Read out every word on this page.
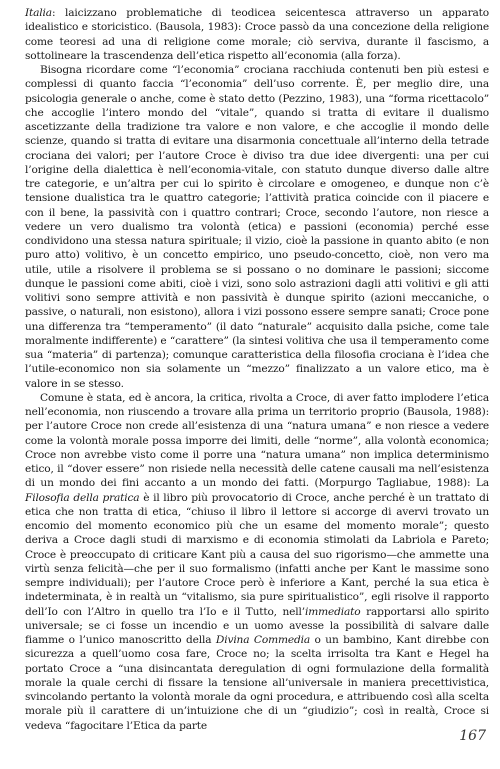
Italia: laicizzano problematiche di teodicea seicentesca attraverso un apparato idealistico e storicistico. (Bausola, 1983): Croce passò da una concezione della religione come teoresi ad una di religione come morale; ciò serviva, durante il fascismo, a sottolineare la trascendenza dell’etica rispetto all’economia (alla forza).

Bisogna ricordare come “l’economia” crociana racchiuda contenuti ben più estesi e complessi di quanto faccia “l’economia” dell’uso corrente. È, per meglio dire, una psicologia generale o anche, come è stato detto (Pezzino, 1983), una “forma ricettacolo” che accoglie l’intero mondo del “vitale”, quando si tratta di evitare il dualismo ascetizzante della tradizione tra valore e non valore, e che accoglie il mondo delle scienze, quando si tratta di evitare una disarmonia concettuale all’interno della tetrade crociana dei valori; per l’autore Croce è diviso tra due idee divergenti: una per cui l’origine della dialettica è nell’economia-vitale, con statuto dunque diverso dalle altre tre categorie, e un’altra per cui lo spirito è circolare e omogeneo, e dunque non c’è tensione dualistica tra le quattro categorie; l’attività pratica coincide con il piacere e con il bene, la passività con i quattro contrari; Croce, secondo l’autore, non riesce a vedere un vero dualismo tra volontà (etica) e passioni (economia) perché esse condividono una stessa natura spirituale; il vizio, cioè la passione in quanto abito (e non puro atto) volitivo, è un concetto empirico, uno pseudo-concetto, cioè, non vero ma utile, utile a risolvere il problema se si possano o no dominare le passioni; siccome dunque le passioni come abiti, cioè i vizi, sono solo astrazioni dagli atti volitivi e gli atti volitivi sono sempre attività e non passività è dunque spirito (azioni meccaniche, o passive, o naturali, non esistono), allora i vizi possono essere sempre sanati; Croce pone una differenza tra “temperamento” (il dato “naturale” acquisito dalla psiche, come tale moralmente indifferente) e “carattere” (la sintesi volitiva che usa il temperamento come sua “materia” di partenza); comunque caratteristica della filosofia crociana è l’idea che l’utile-economico non sia solamente un “mezzo” finalizzato a un valore etico, ma è valore in se stesso.

Comune è stata, ed è ancora, la critica, rivolta a Croce, di aver fatto implodere l’etica nell’economia, non riuscendo a trovare alla prima un territorio proprio (Bausola, 1988): per l’autore Croce non crede all’esistenza di una “natura umana” e non riesce a vedere come la volontà morale possa imporre dei limiti, delle “norme”, alla volontà economica; Croce non avrebbe visto come il porre una “natura umana” non implica determinismo etico, il “dover essere” non risiede nella necessità delle catene causali ma nell’esistenza di un mondo dei fini accanto a un mondo dei fatti. (Morpurgo Tagliabue, 1988): La Filosofia della pratica è il libro più provocatorio di Croce, anche perché è un trattato di etica che non tratta di etica, “chiuso il libro il lettore si accorge di avervi trovato un encomio del momento economico più che un esame del momento morale”; questo deriva a Croce dagli studi di marxismo e di economia stimolati da Labriola e Pareto; Croce è preoccupato di criticare Kant più a causa del suo rigorismo—che ammette una virtù senza felicità—che per il suo formalismo (infatti anche per Kant le massime sono sempre individuali); per l’autore Croce però è inferiore a Kant, perché la sua etica è indeterminata, è in realtà un “vitalismo, sia pure spiritualistico”, egli risolve il rapporto dell’Io con l’Altro in quello tra l’Io e il Tutto, nell’immediato rapportarsi allo spirito universale; se ci fosse un incendio e un uomo avesse la possibilità di salvare dalle fiamme o l’unico manoscritto della Divina Commedia o un bambino, Kant direbbe con sicurezza a quell’uomo cosa fare, Croce no; la scelta irrisolta tra Kant e Hegel ha portato Croce a “una disincantata deregulation di ogni formulazione della formalità morale la quale cerchi di fissare la tensione all’universale in maniera precettivistica, svincolando pertanto la volontà morale da ogni procedura, e attribuendo così alla scelta morale più il carattere di un’intuizione che di un “giudizio”; così in realtà, Croce si vedeva “fagocitare l’Etica da parte

167
